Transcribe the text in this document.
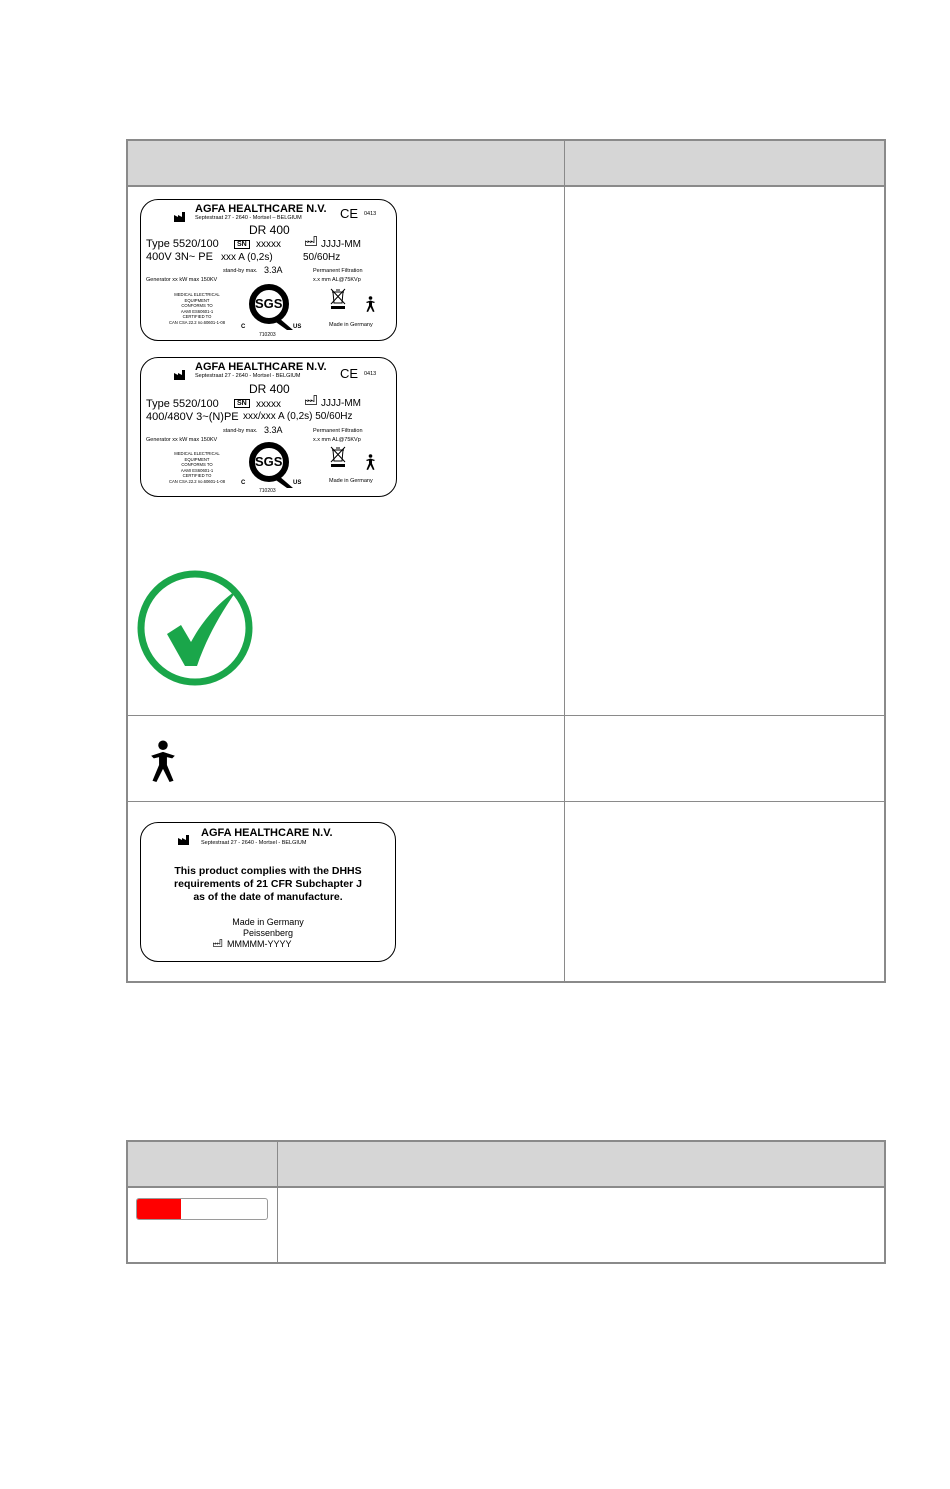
AGFA HEALTHCARE N.V.
Septestraat 27 - 2640 - Mortsel – BELGIUM	CE 0413
DR 400
Type 5520/100	SN xxxxx	JJJJ-MM
400V 3N~ PE xxx A (0,2s)	50/60Hz
stand-by max. 3.3A	Permanent Filtration
Generator xx kW max 150KV	x.x mm AL@75KVp
MEDICAL ELECTRICAL
EQUIPMENT
CONFORMS TO
AAMI ES60601-1
CERTIFIED TO
CAN CSA 22.2 no.60601-1-08
SGS
C	US
710203
Made in Germany
AGFA HEALTHCARE N.V.
Septestraat 27 - 2640 - Mortsel - BELGIUM	CE 0413
DR 400
Type 5520/100	SN xxxxx	JJJJ-MM
400/480V 3~(N)PE xxx/xxx A (0,2s) 50/60Hz
stand-by max. 3.3A	Permanent Filtration
Generator xx kW max 150KV	x.x mm AL@75KVp
MEDICAL ELECTRICAL
EQUIPMENT
CONFORMS TO
AAMI ES60601-1
CERTIFIED TO
CAN CSA 22.2 no.60601-1-08
SGS
C	US
710203
Made in Germany
AGFA HEALTHCARE N.V.
Septestraat 27 - 2640 - Mortsel - BELGIUM
This product complies with the DHHS
requirements of 21 CFR Subchapter J
as of the date of manufacture.
Made in Germany
Peissenberg
MMMMM-YYYY
